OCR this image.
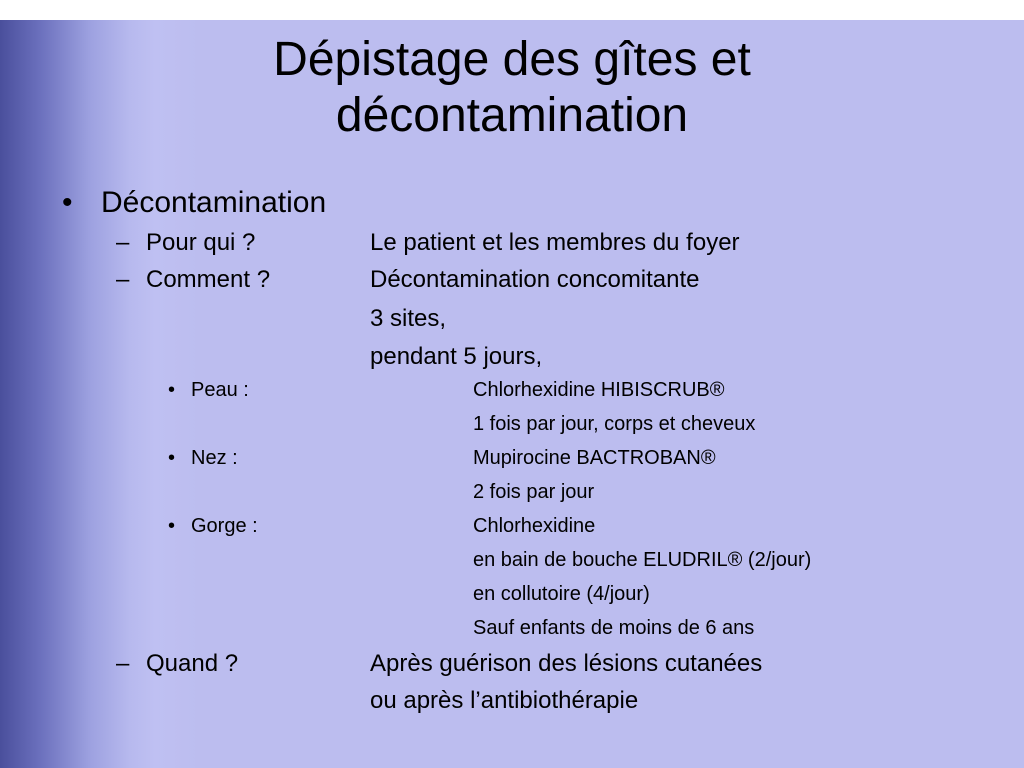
Dépistage des gîtes et
décontamination
• Décontamination
– Pour qui ?	Le patient et les membres du foyer
– Comment ?	Décontamination concomitante
3 sites,
pendant 5 jours,
• Peau :	Chlorhexidine HIBISCRUB®
1 fois par jour, corps et cheveux
• Nez :	Mupirocine BACTROBAN®
2 fois par jour
• Gorge :	Chlorhexidine
en bain de bouche ELUDRIL® (2/jour)
en collutoire (4/jour)
Sauf enfants de moins de 6 ans
– Quand ?	Après guérison des lésions cutanées
ou après l’antibiothérapie
